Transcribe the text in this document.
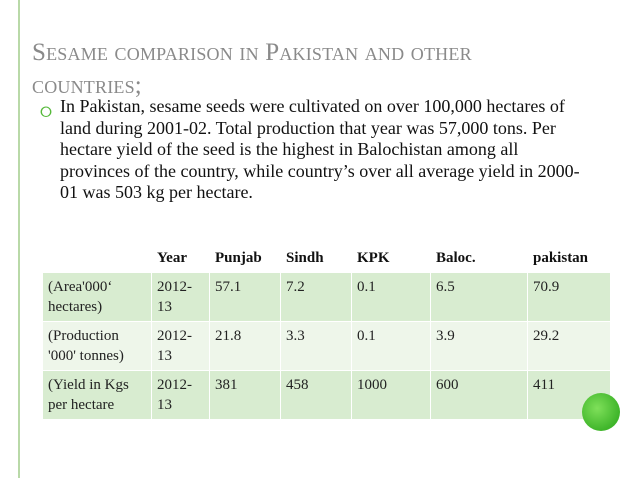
Sesame comparison in Pakistan and other
countries;
⭘ In Pakistan, sesame seeds were cultivated on over 100,000 hectares of land during 2001-02. Total production that year was 57,000 tons. Per hectare yield of the seed is the highest in Balochistan among all provinces of the country, while country’s over all average yield in 2000-01 was 503 kg per hectare.
	Year	Punjab	Sindh	KPK	Baloc.	pakistan
(Area'000‘ hectares)	2012-13	57.1	7.2	0.1	6.5	70.9
(Production '000' tonnes)	2012-13	21.8	3.3	0.1	3.9	29.2
(Yield in Kgs per hectare	2012-13	381	458	1000	600	411
